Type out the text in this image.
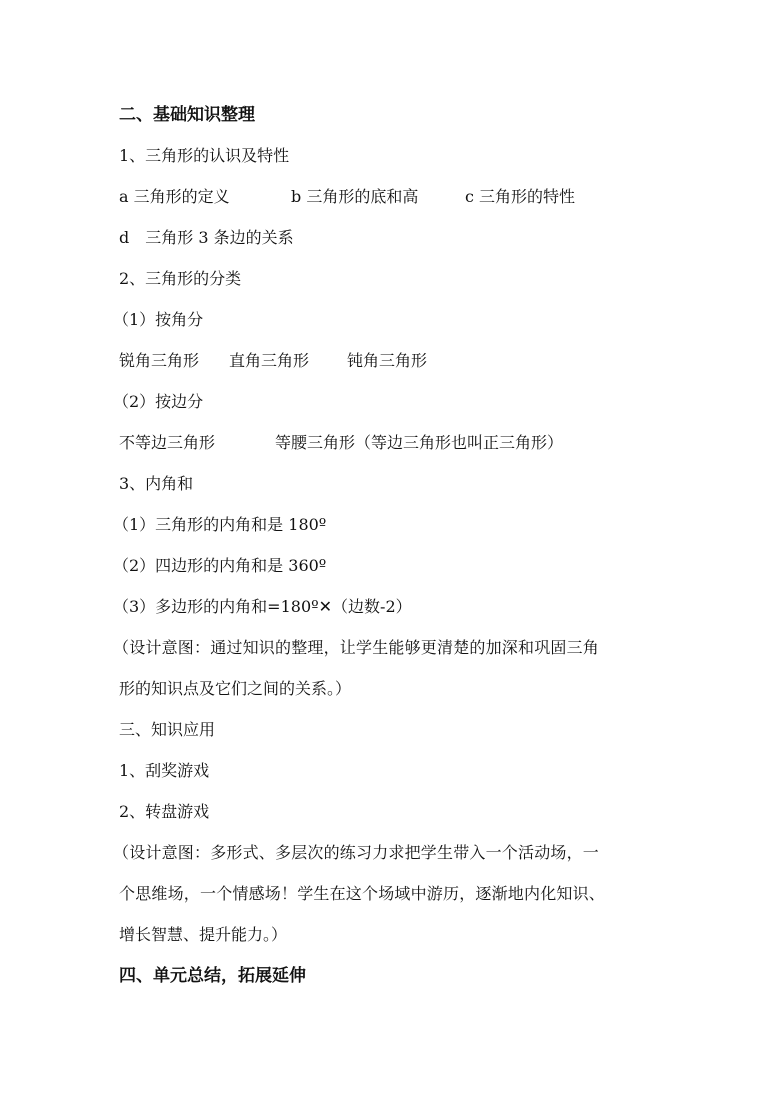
二、基础知识整理
1、三角形的认识及特性
a 三角形的定义	b 三角形的底和高	c 三角形的特性
d　三角形 3 条边的关系
2、三角形的分类
（1）按角分
锐角三角形 直角三角形 钝角三角形
（2）按边分
不等边三角形	等腰三角形（等边三角形也叫正三角形）
3、内角和
（1）三角形的内角和是 180º
（2）四边形的内角和是 360º
（3）多边形的内角和=180º✕（边数-2）
（设计意图：通过知识的整理，让学生能够更清楚的加深和巩固三角
形的知识点及它们之间的关系。）
三、知识应用
1、刮奖游戏
2、转盘游戏
（设计意图：多形式、多层次的练习力求把学生带入一个活动场，一
个思维场，一个情感场！学生在这个场域中游历，逐渐地内化知识、
增长智慧、提升能力。）
四、单元总结，拓展延伸
